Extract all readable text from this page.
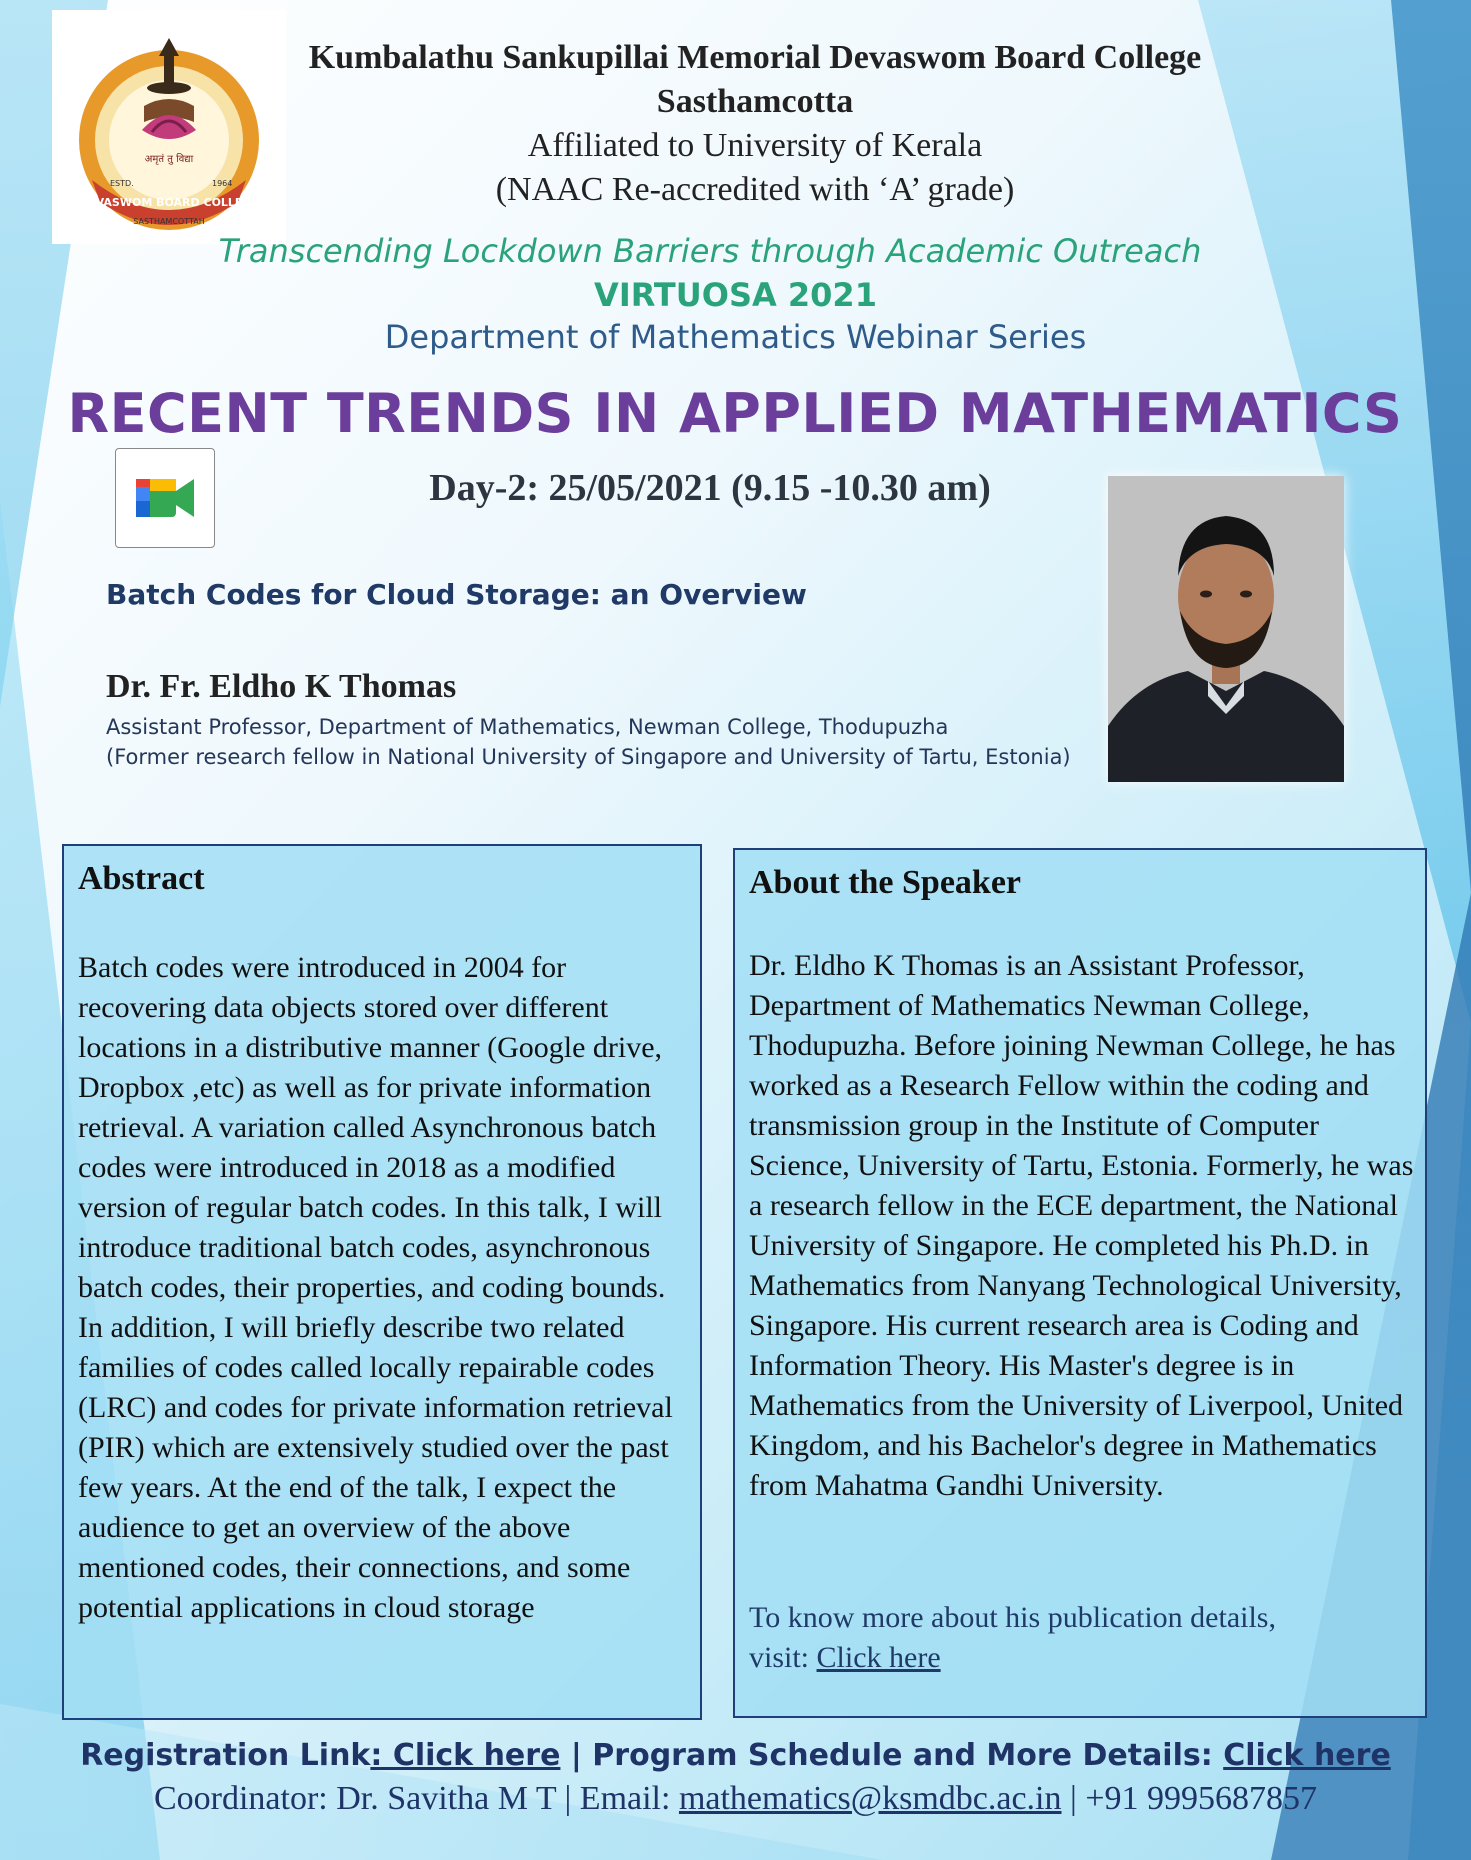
अमृतं तु विद्या
DEVASWOM BOARD COLLEGE
ESTD.	1964
SASTHAMCOTTAH
Kumbalathu Sankupillai Memorial Devaswom Board College
Sasthamcotta
Affiliated to University of Kerala
(NAAC Re-accredited with ‘A’ grade)
Transcending Lockdown Barriers through Academic Outreach
VIRTUOSA 2021
Department of Mathematics Webinar Series
RECENT TRENDS IN APPLIED MATHEMATICS
Day-2: 25/05/2021 (9.15 -10.30 am)
Batch Codes for Cloud Storage: an Overview
Dr. Fr. Eldho K Thomas
Assistant Professor, Department of Mathematics, Newman College, Thodupuzha
(Former research fellow in National University of Singapore and University of Tartu, Estonia)
Abstract
Batch codes were introduced in 2004 for recovering data objects stored over different locations in a distributive manner (Google drive, Dropbox ,etc) as well as for private information retrieval. A variation called Asynchronous batch codes were introduced in 2018 as a modified version of regular batch codes. In this talk, I will introduce traditional batch codes, asynchronous batch codes, their properties, and coding bounds. In addition, I will briefly describe two related families of codes called locally repairable codes (LRC) and codes for private information retrieval (PIR) which are extensively studied over the past few years. At the end of the talk, I expect the audience to get an overview of the above mentioned codes, their connections, and some potential applications in cloud storage
About the Speaker
Dr. Eldho K Thomas is an Assistant Professor, Department of Mathematics Newman College, Thodupuzha. Before joining Newman College, he has worked as a Research Fellow within the coding and transmission group in the Institute of Computer Science, University of Tartu, Estonia. Formerly, he was a research fellow in the ECE department, the National University of Singapore. He completed his Ph.D. in Mathematics from Nanyang Technological University, Singapore. His current research area is Coding and Information Theory. His Master's degree is in Mathematics from the University of Liverpool, United Kingdom, and his Bachelor's degree in Mathematics from Mahatma Gandhi University.
To know more about his publication details,
visit: Click here
Registration Link: Click here | Program Schedule and More Details: Click here
Coordinator: Dr. Savitha M T | Email: mathematics@ksmdbc.ac.in | +91 9995687857
